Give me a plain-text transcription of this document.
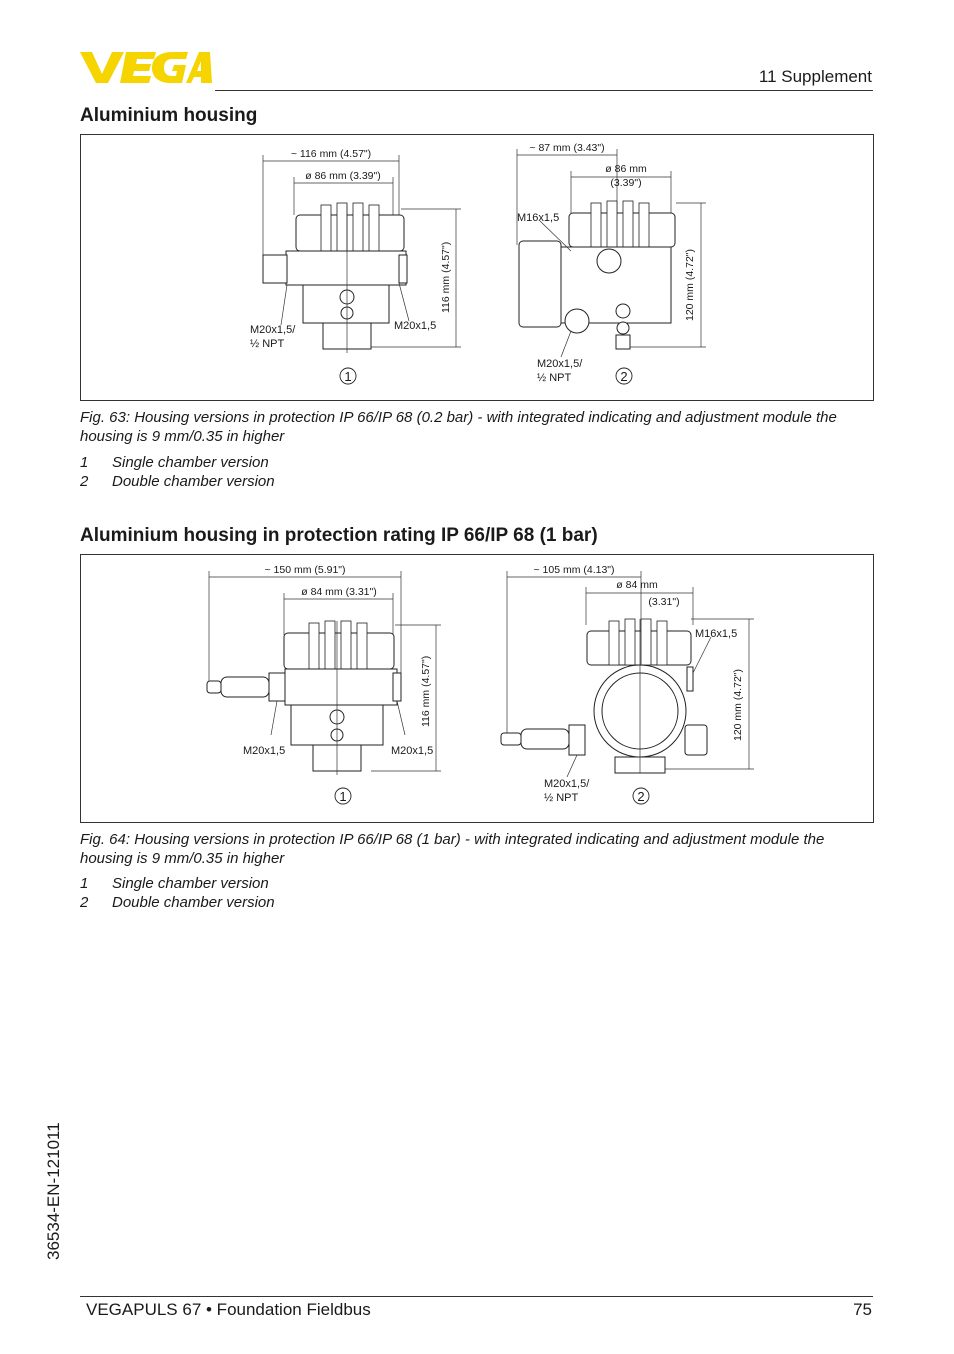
11 Supplement
Aluminium housing
~ 116 mm (4.57")
ø 86 mm (3.39")
116 mm (4.57")
M20x1,5/
½ NPT
M20x1,5
1
~ 87 mm (3.43")
ø 86 mm
(3.39")
120 mm (4.72")
M16x1,5
M20x1,5/
½ NPT	2
Fig. 63: Housing versions in protection IP 66/IP 68 (0.2 bar) - with integrated indicating and adjustment module the housing is 9 mm/0.35 in higher
1 Single chamber version
2 Double chamber version
Aluminium housing in protection rating IP 66/IP 68 (1 bar)
~ 150 mm (5.91")
ø 84 mm (3.31")
116 mm (4.57")
M20x1,5	M20x1,5
1
~ 105 mm (4.13")
ø 84 mm
(3.31")
120 mm (4.72")
M16x1,5
M20x1,5/
½ NPT	2
Fig. 64: Housing versions in protection IP 66/IP 68 (1 bar) - with integrated indicating and adjustment module the housing is 9 mm/0.35 in higher
1 Single chamber version
2 Double chamber version
36534-EN-121011
VEGAPULS 67 • Foundation Fieldbus	75
